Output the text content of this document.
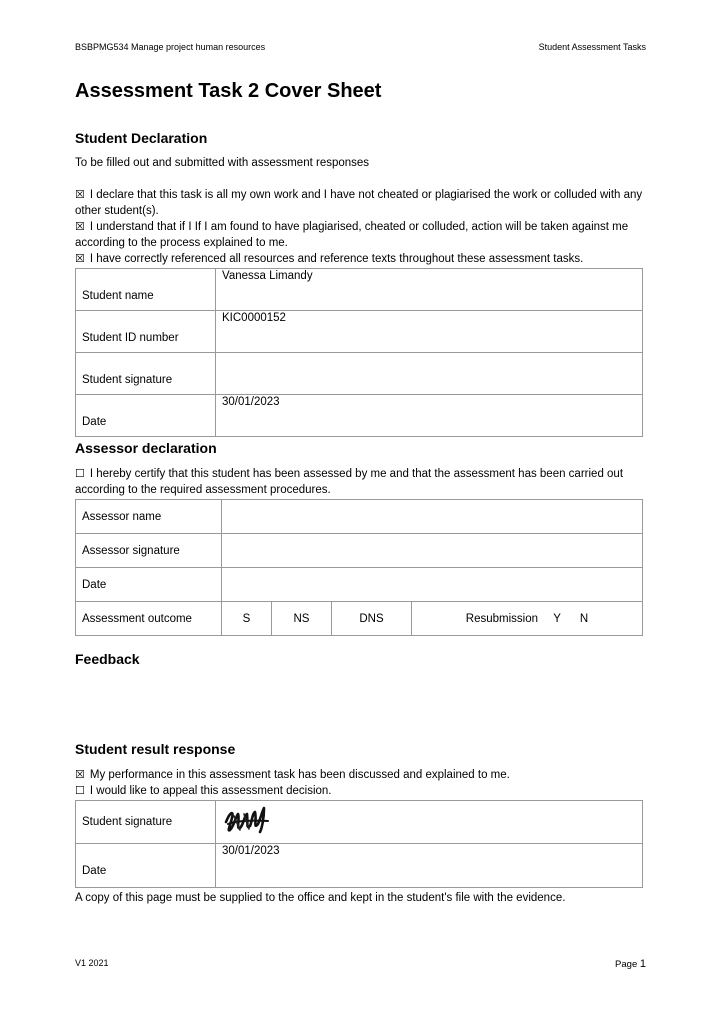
BSBPMG534 Manage project human resources	Student Assessment Tasks
Assessment Task 2 Cover Sheet
Student Declaration
To be filled out and submitted with assessment responses
☒ I declare that this task is all my own work and I have not cheated or plagiarised the work or colluded with any other student(s).
☒ I understand that if I If I am found to have plagiarised, cheated or colluded, action will be taken against me according to the process explained to me.
☒ I have correctly referenced all resources and reference texts throughout these assessment tasks.
Student name	Vanessa Limandy
Student ID number	KIC0000152
Student signature	
Date	30/01/2023
Assessor declaration
☐ I hereby certify that this student has been assessed by me and that the assessment has been carried out according to the required assessment procedures.
Assessor name				
Assessor signature				
Date				
Assessment outcome	S	NS	DNS	Resubmission Y N
Feedback
Student result response
☒ My performance in this assessment task has been discussed and explained to me.
☐ I would like to appeal this assessment decision.
Student signature	
Date	30/01/2023
A copy of this page must be supplied to the office and kept in the student's file with the evidence.
V1 2021	Page 1
